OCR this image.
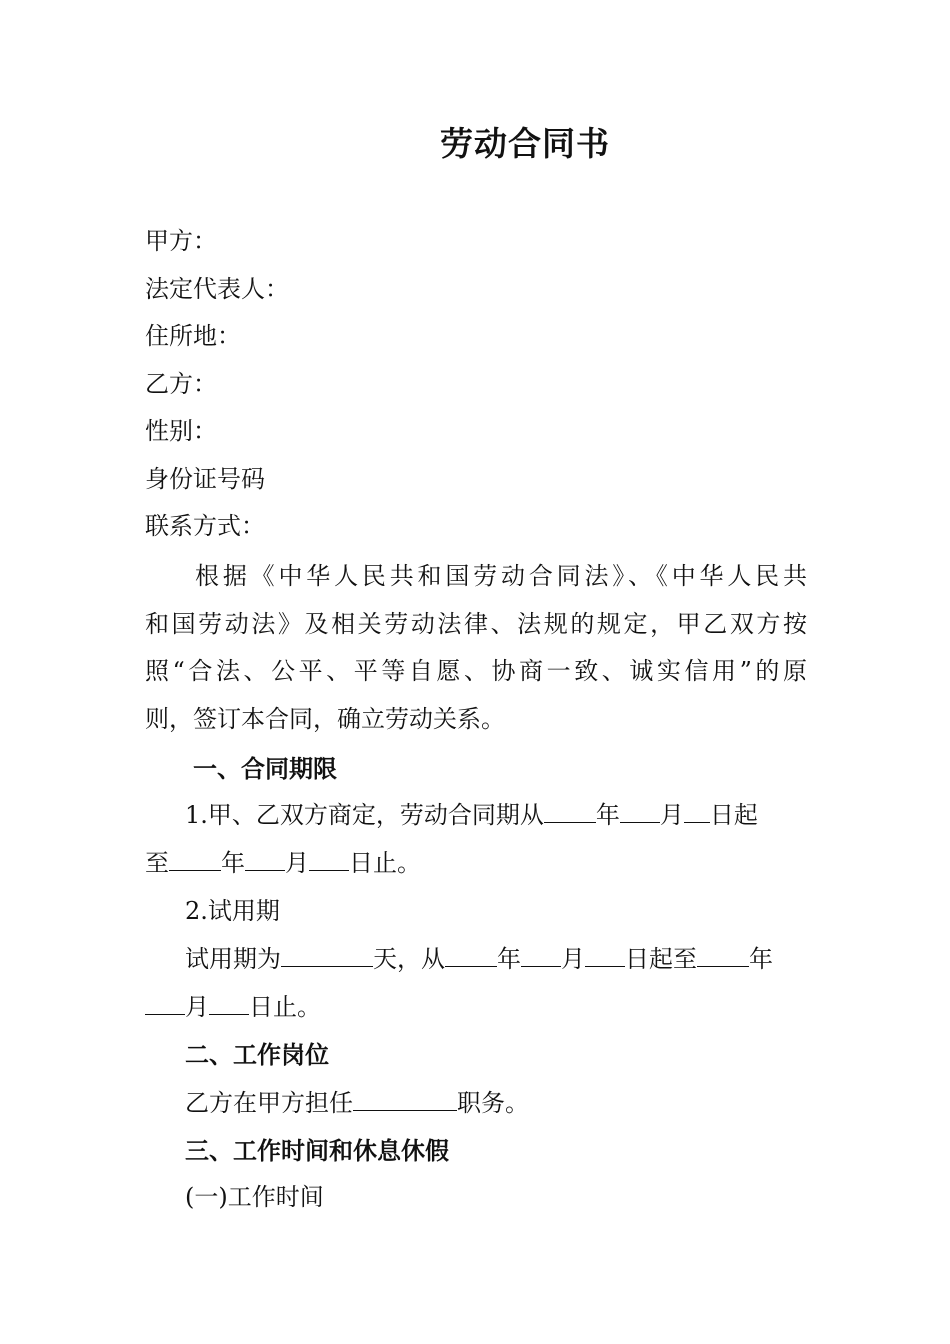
劳动合同书
甲方：
法定代表人：
住所地：
乙方：
性别：
身份证号码
联系方式：
根据《中华人民共和国劳动合同法》、《中华人民共
和国劳动法》及相关劳动法律、法规的规定，甲乙双方按
照“合法、公平、平等自愿、协商一致、诚实信用”的原
则，签订本合同，确立劳动关系。
一、合同期限
1.甲、乙双方商定，劳动合同期从 年 月 日起
至 年 月 日止。
2.试用期
试用期为	天，从 年 月 日起至 年
月 日止。
二、工作岗位
乙方在甲方担任	职务。
三、工作时间和休息休假
(一)工作时间
